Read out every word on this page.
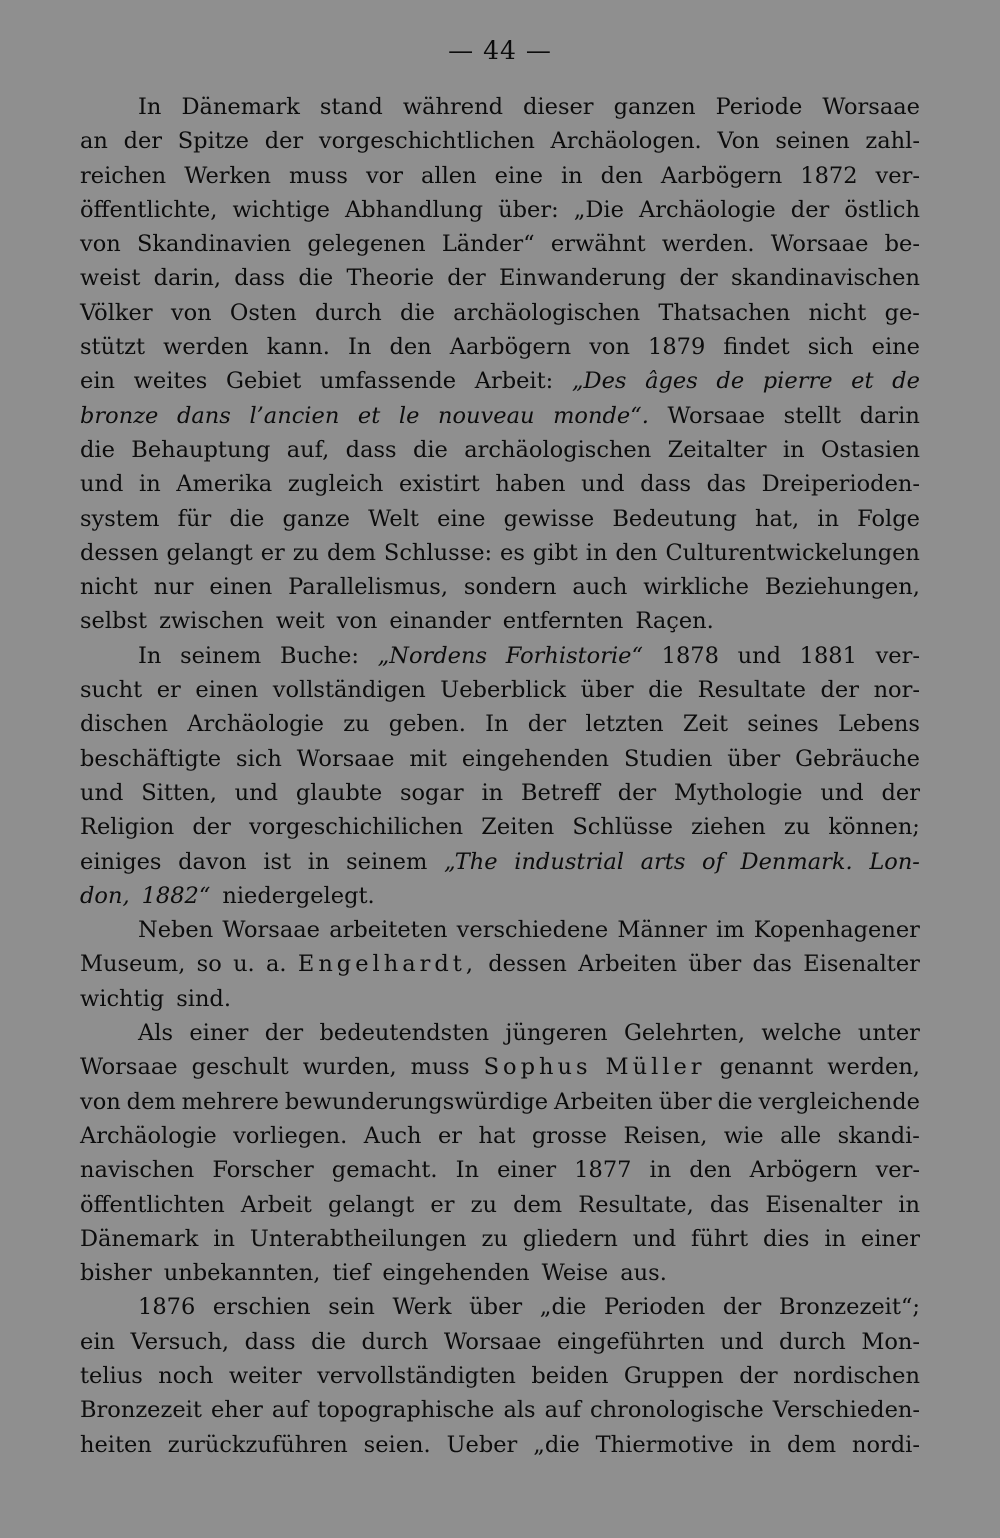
— 44 —
In Dänemark stand während dieser ganzen Periode Worsaae
an der Spitze der vorgeschichtlichen Archäologen. Von seinen zahl-
reichen Werken muss vor allen eine in den Aarbögern 1872 ver-
öffentlichte, wichtige Abhandlung über: „Die Archäologie der östlich
von Skandinavien gelegenen Länder“ erwähnt werden. Worsaae be-
weist darin, dass die Theorie der Einwanderung der skandinavischen
Völker von Osten durch die archäologischen Thatsachen nicht ge-
stützt werden kann. In den Aarbögern von 1879 findet sich eine
ein weites Gebiet umfassende Arbeit: „Des âges de pierre et de
bronze dans l’ancien et le nouveau monde“. Worsaae stellt darin
die Behauptung auf, dass die archäologischen Zeitalter in Ostasien
und in Amerika zugleich existirt haben und dass das Dreiperioden-
system für die ganze Welt eine gewisse Bedeutung hat, in Folge
dessen gelangt er zu dem Schlusse: es gibt in den Culturentwickelungen
nicht nur einen Parallelismus, sondern auch wirkliche Beziehungen,
selbst zwischen weit von einander entfernten Raçen.
In seinem Buche: „Nordens Forhistorie“ 1878 und 1881 ver-
sucht er einen vollständigen Ueberblick über die Resultate der nor-
dischen Archäologie zu geben. In der letzten Zeit seines Lebens
beschäftigte sich Worsaae mit eingehenden Studien über Gebräuche
und Sitten, und glaubte sogar in Betreff der Mythologie und der
Religion der vorgeschichilichen Zeiten Schlüsse ziehen zu können;
einiges davon ist in seinem „The industrial arts of Denmark. Lon-
don, 1882“ niedergelegt.
Neben Worsaae arbeiteten verschiedene Männer im Kopenhagener
Museum, so u. a. Engelhardt, dessen Arbeiten über das Eisenalter
wichtig sind.
Als einer der bedeutendsten jüngeren Gelehrten, welche unter
Worsaae geschult wurden, muss Sophus Müller genannt werden,
von dem mehrere bewunderungswürdige Arbeiten über die vergleichende
Archäologie vorliegen. Auch er hat grosse Reisen, wie alle skandi-
navischen Forscher gemacht. In einer 1877 in den Arbögern ver-
öffentlichten Arbeit gelangt er zu dem Resultate, das Eisenalter in
Dänemark in Unterabtheilungen zu gliedern und führt dies in einer
bisher unbekannten, tief eingehenden Weise aus.
1876 erschien sein Werk über „die Perioden der Bronzezeit“;
ein Versuch, dass die durch Worsaae eingeführten und durch Mon-
telius noch weiter vervollständigten beiden Gruppen der nordischen
Bronzezeit eher auf topographische als auf chronologische Verschieden-
heiten zurückzuführen seien. Ueber „die Thiermotive in dem nordi-
